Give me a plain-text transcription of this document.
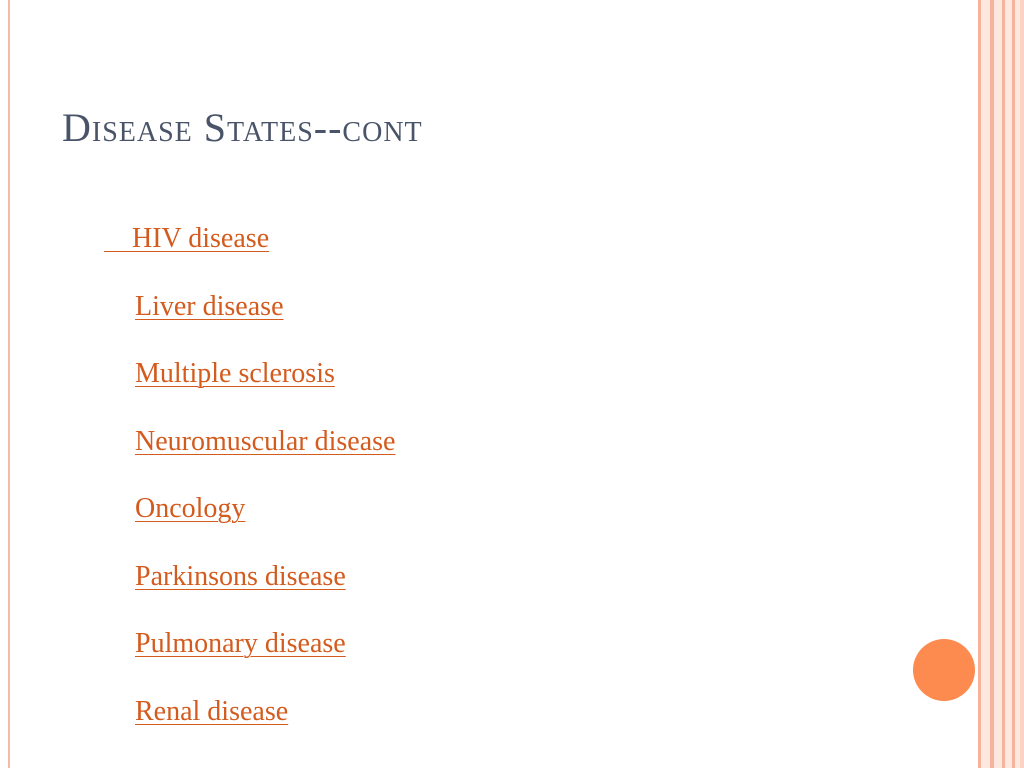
Disease States--cont

HIV disease

Liver disease

Multiple sclerosis

Neuromuscular disease

Oncology

Parkinsons disease

Pulmonary disease

Renal disease
